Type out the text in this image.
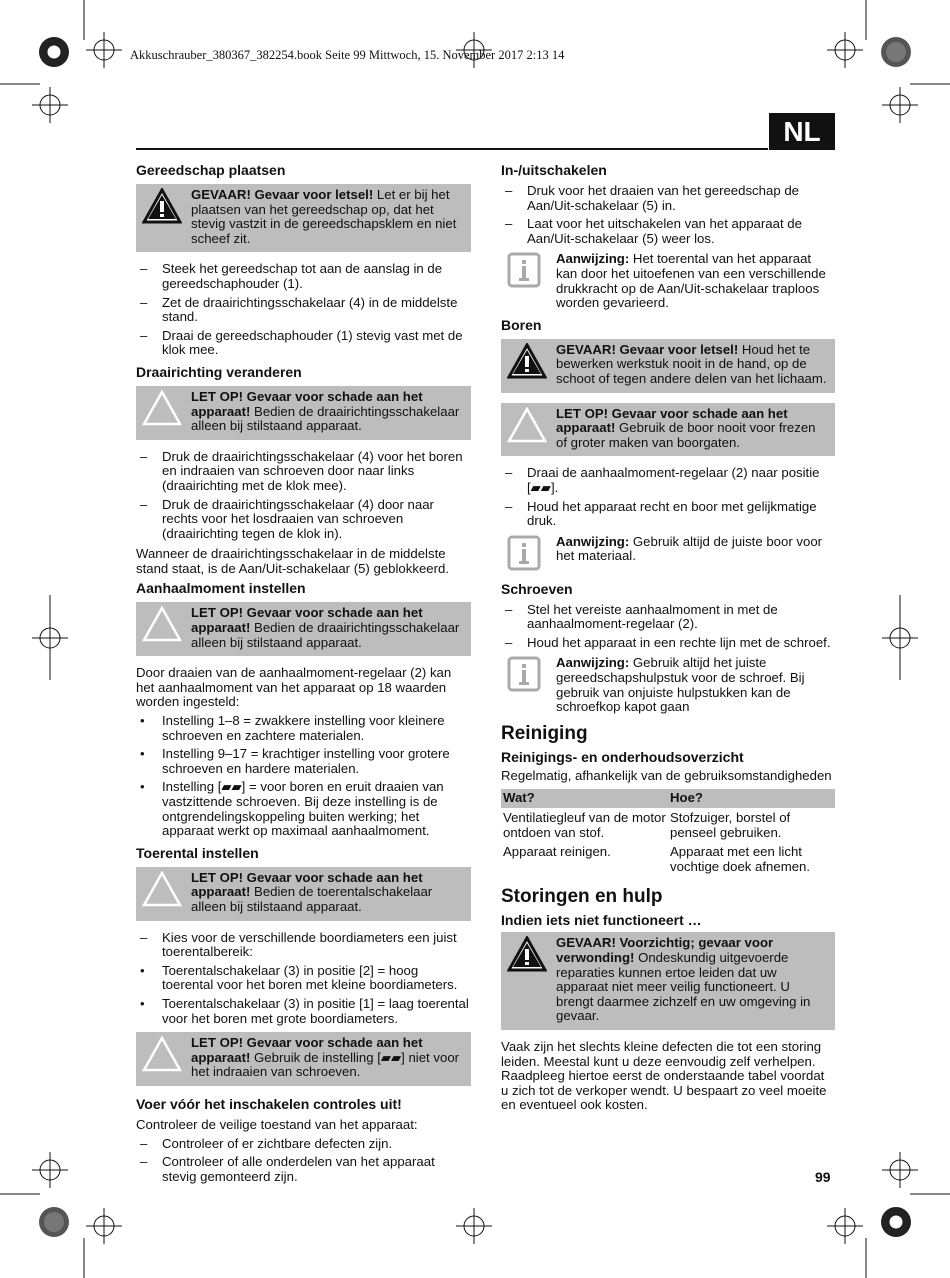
Akkuschrauber_380367_382254.book Seite 99 Mittwoch, 15. November 2017 2:13 14
NL
99
Gereedschap plaatsen
GEVAAR! Gevaar voor letsel! Let er bij het plaatsen van het gereedschap op, dat het stevig vastzit in de gereedschapsklem en niet scheef zit.
– Steek het gereedschap tot aan de aanslag in de gereedschaphouder (1).
– Zet de draairichtingsschakelaar (4) in de middelste stand.
– Draai de gereedschaphouder (1) stevig vast met de klok mee.
Draairichting veranderen
LET OP! Gevaar voor schade aan het apparaat! Bedien de draairichtingsschakelaar alleen bij stilstaand apparaat.
– Druk de draairichtingsschakelaar (4) voor het boren en indraaien van schroeven door naar links (draairichting met de klok mee).
– Druk de draairichtingsschakelaar (4) door naar rechts voor het losdraaien van schroeven (draairichting tegen de klok in).

Wanneer de draairichtingsschakelaar in de middelste stand staat, is de Aan/Uit-schakelaar (5) geblokkeerd.

Aanhaalmoment instellen
LET OP! Gevaar voor schade aan het apparaat! Bedien de draairichtingsschakelaar alleen bij stilstaand apparaat.

Door draaien van de aanhaalmoment-regelaar (2) kan het aanhaalmoment van het apparaat op 18 waarden worden ingesteld:

• Instelling 1–8 = zwakkere instelling voor kleinere schroeven en zachtere materialen.
• Instelling 9–17 = krachtiger instelling voor grotere schroeven en hardere materialen.
• Instelling [▰▰] = voor boren en eruit draaien van vastzittende schroeven. Bij deze instelling is de ontgrendelingskoppeling buiten werking; het apparaat werkt op maximaal aanhaalmoment.
Toerental instellen
LET OP! Gevaar voor schade aan het apparaat! Bedien de toerentalschakelaar alleen bij stilstaand apparaat.
– Kies voor de verschillende boordiameters een juist toerentalbereik:
• Toerentalschakelaar (3) in positie [2] = hoog toerental voor het boren met kleine boordiameters.
• Toerentalschakelaar (3) in positie [1] = laag toerental voor het boren met grote boordiameters.
LET OP! Gevaar voor schade aan het apparaat! Gebruik de instelling [▰▰] niet voor het indraaien van schroeven.
Voer vóór het inschakelen controles uit!

Controleer de veilige toestand van het apparaat:

– Controleer of er zichtbare defecten zijn.
– Controleer of alle onderdelen van het apparaat stevig gemonteerd zijn.
In-/uitschakelen
– Druk voor het draaien van het gereedschap de Aan/Uit-schakelaar (5) in.
– Laat voor het uitschakelen van het apparaat de Aan/Uit-schakelaar (5) weer los.
Aanwijzing: Het toerental van het apparaat kan door het uitoefenen van een verschillende drukkracht op de Aan/Uit-schakelaar traploos worden gevarieerd.
Boren
GEVAAR! Gevaar voor letsel! Houd het te bewerken werkstuk nooit in de hand, op de schoot of tegen andere delen van het lichaam.
LET OP! Gevaar voor schade aan het apparaat! Gebruik de boor nooit voor frezen of groter maken van boorgaten.
– Draai de aanhaalmoment-regelaar (2) naar positie [▰▰].
– Houd het apparaat recht en boor met gelijkmatige druk.
Aanwijzing: Gebruik altijd de juiste boor voor het materiaal.
Schroeven
– Stel het vereiste aanhaalmoment in met de aanhaalmoment-regelaar (2).
– Houd het apparaat in een rechte lijn met de schroef.
Aanwijzing: Gebruik altijd het juiste gereedschapshulpstuk voor de schroef. Bij gebruik van onjuiste hulpstukken kan de schroefkop kapot gaan
Reiniging
Reinigings- en onderhoudsoverzicht

Regelmatig, afhankelijk van de gebruiksomstandigheden

Wat?	Hoe?
Ventilatiegleuf van de motor ontdoen van stof.	Stofzuiger, borstel of penseel gebruiken.
Apparaat reinigen.	Apparaat met een licht vochtige doek afnemen.
Storingen en hulp
Indien iets niet functioneert …
GEVAAR! Voorzichtig; gevaar voor verwonding! Ondeskundig uitgevoerde reparaties kunnen ertoe leiden dat uw apparaat niet meer veilig functioneert. U brengt daarmee zichzelf en uw omgeving in gevaar.

Vaak zijn het slechts kleine defecten die tot een storing leiden. Meestal kunt u deze eenvoudig zelf verhelpen. Raadpleeg hiertoe eerst de onderstaande tabel voordat u zich tot de verkoper wendt. U bespaart zo veel moeite en eventueel ook kosten.
